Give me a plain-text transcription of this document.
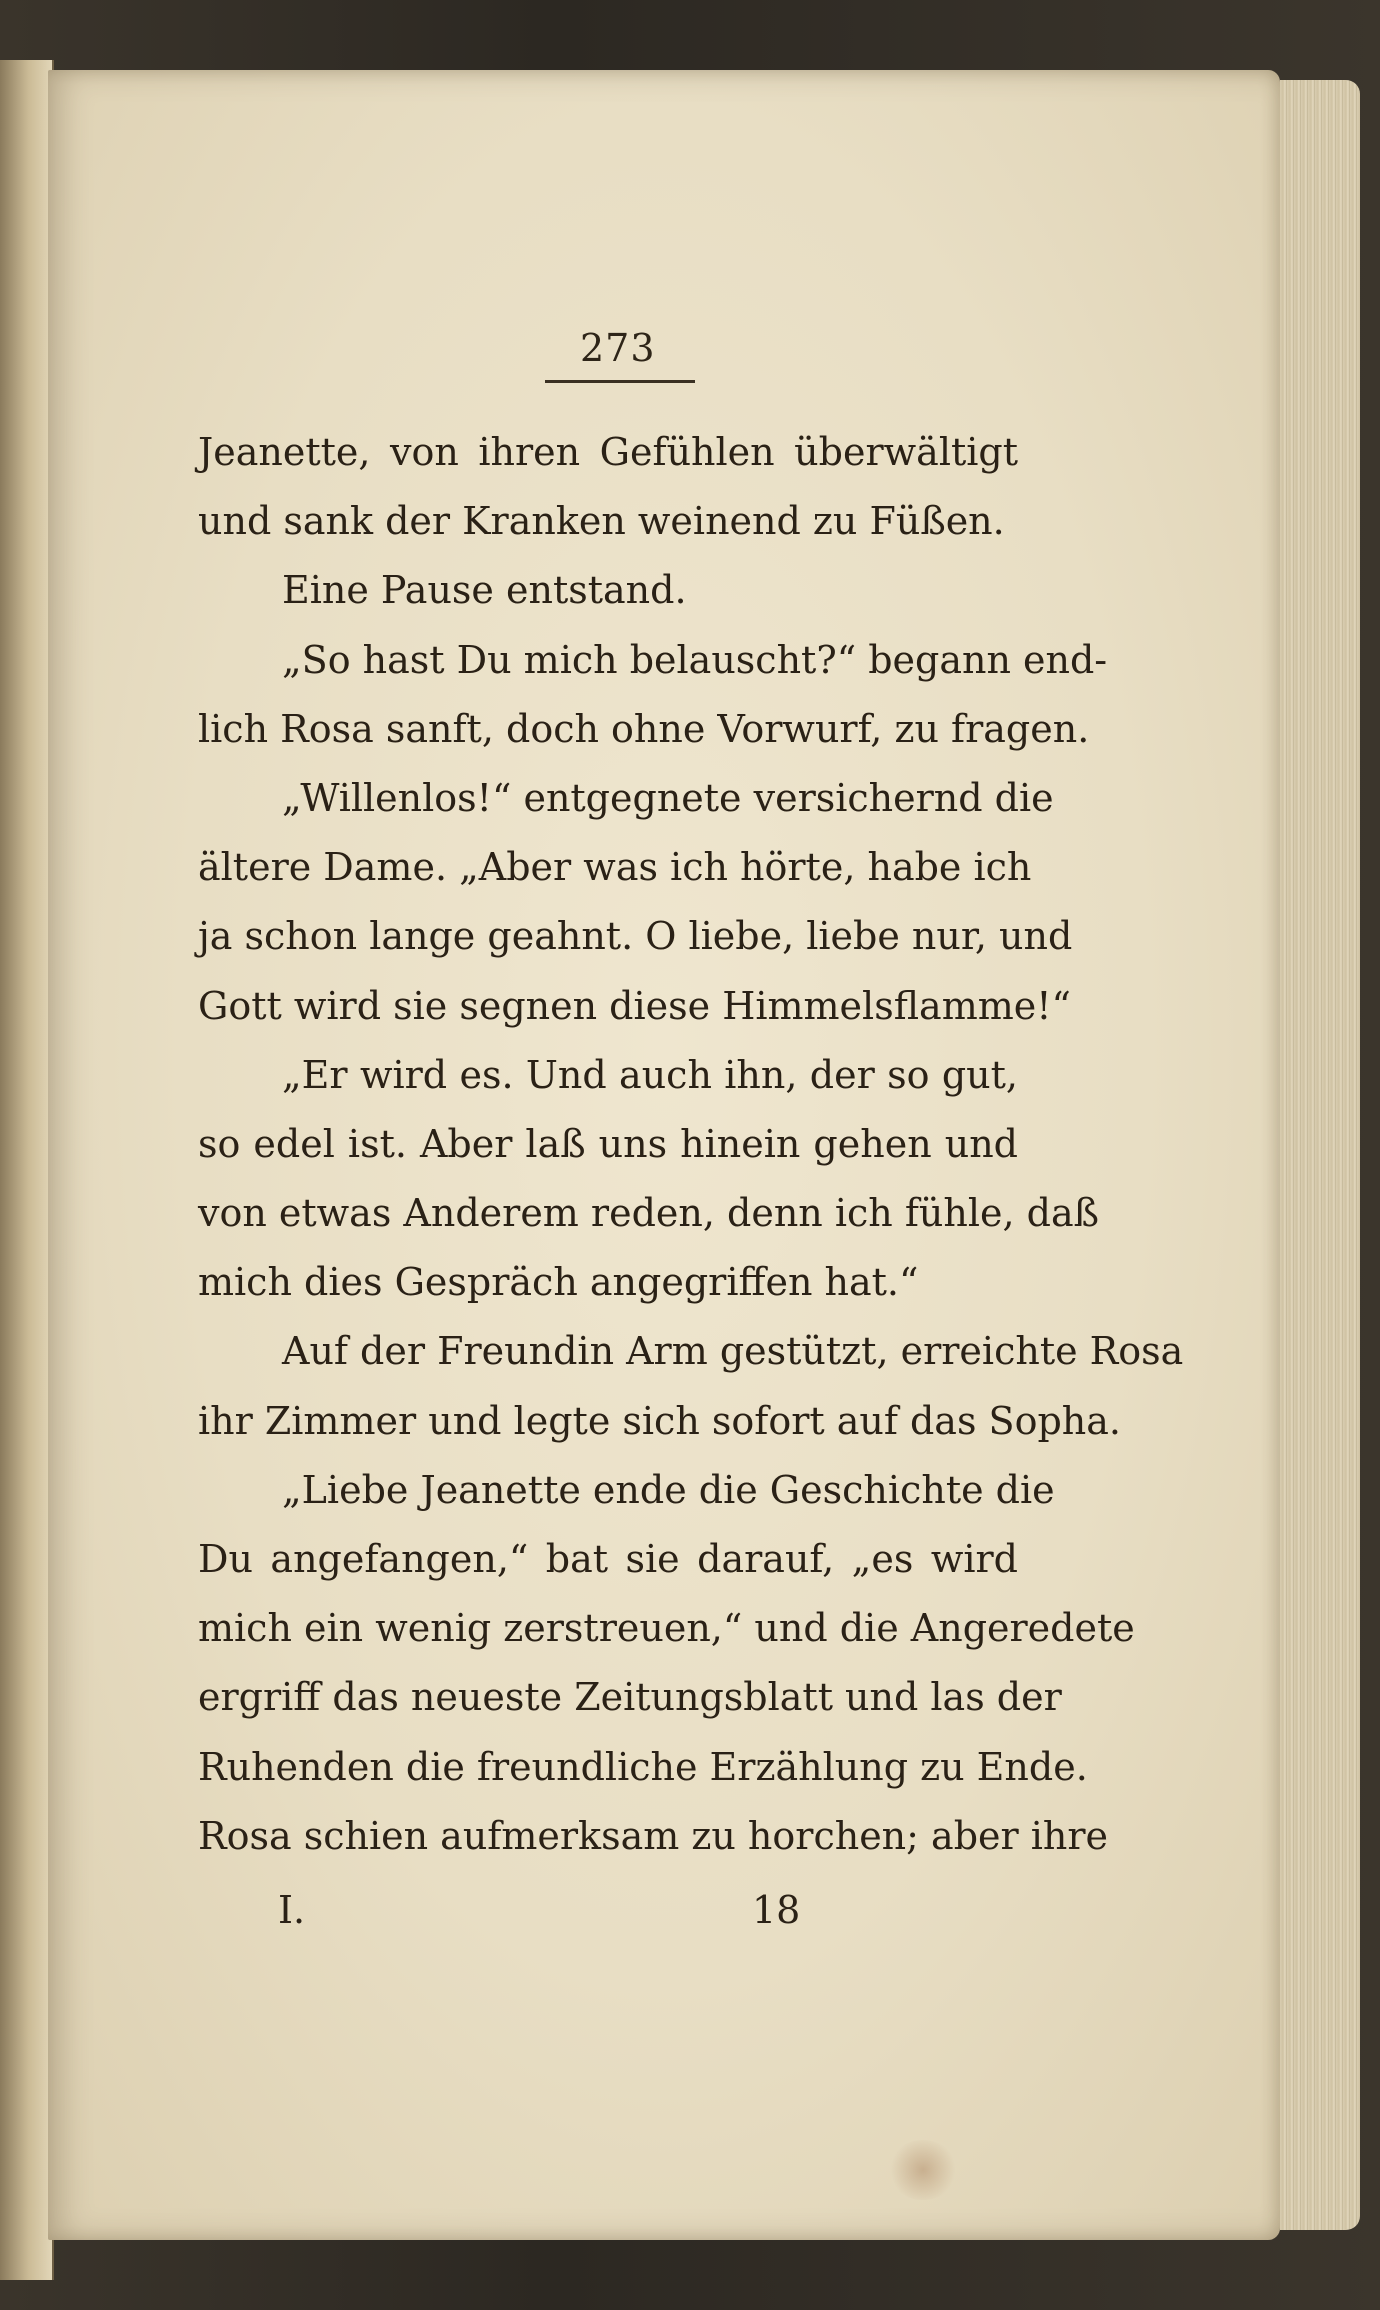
273
Jeanette, von ihren Gefühlen überwältigt
und sank der Kranken weinend zu Füßen.
Eine Pause entstand.
„So hast Du mich belauscht?“ begann end-
lich Rosa sanft, doch ohne Vorwurf, zu fragen.
„Willenlos!“ entgegnete versichernd die
ältere Dame. „Aber was ich hörte, habe ich
ja schon lange geahnt. O liebe, liebe nur, und
Gott wird sie segnen diese Himmelsflamme!“
„Er wird es. Und auch ihn, der so gut,
so edel ist. Aber laß uns hinein gehen und
von etwas Anderem reden, denn ich fühle, daß
mich dies Gespräch angegriffen hat.“
Auf der Freundin Arm gestützt, erreichte Rosa
ihr Zimmer und legte sich sofort auf das Sopha.
„Liebe Jeanette ende die Geschichte die
Du angefangen,“ bat sie darauf, „es wird
mich ein wenig zerstreuen,“ und die Angeredete
ergriff das neueste Zeitungsblatt und las der
Ruhenden die freundliche Erzählung zu Ende.
Rosa schien aufmerksam zu horchen; aber ihre
I.	18
